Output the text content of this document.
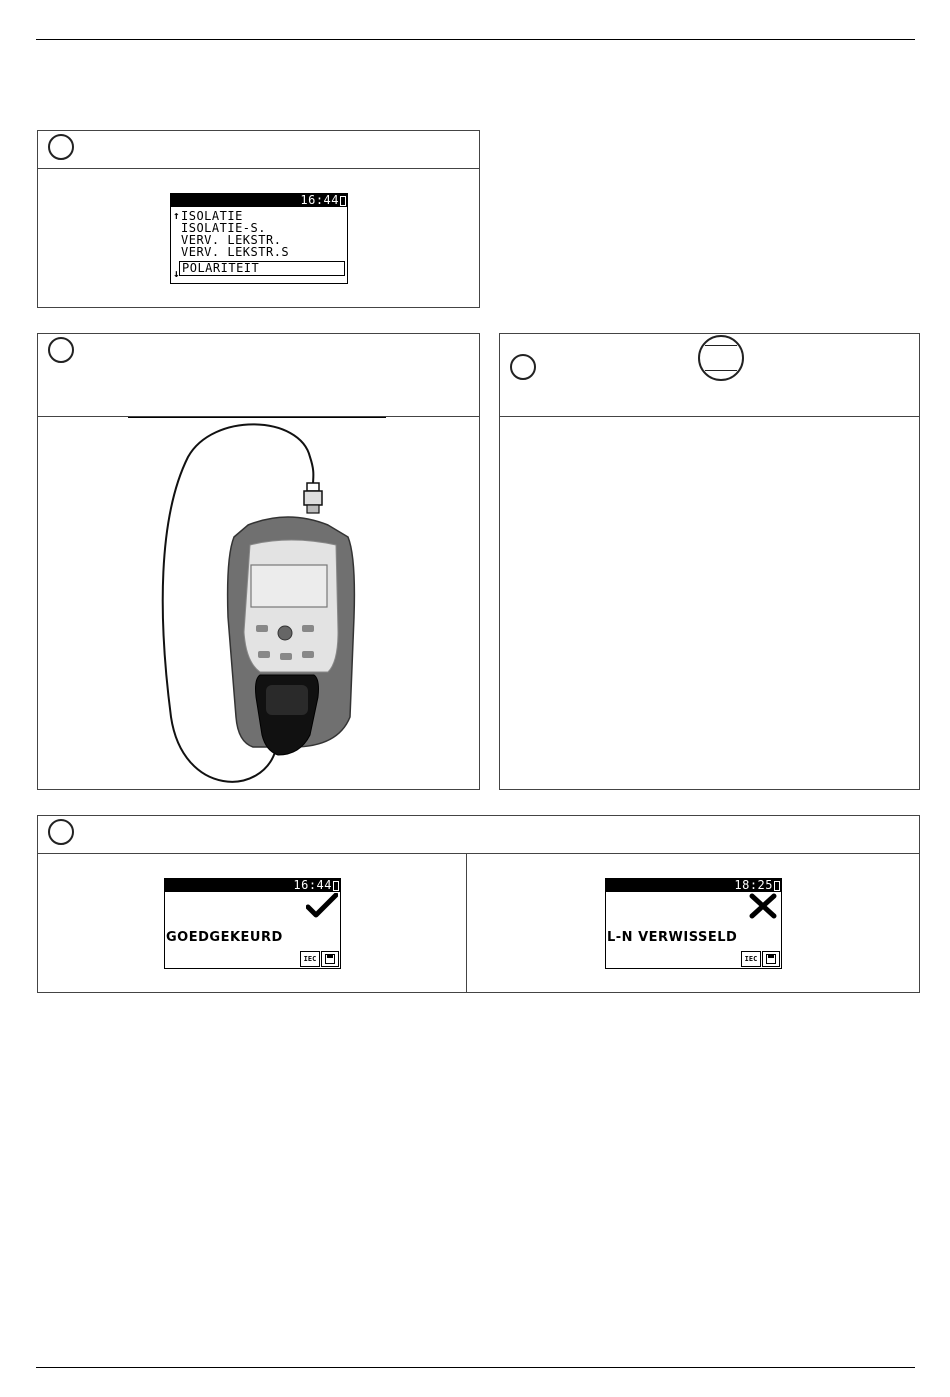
ENKELV. TEST

16:44

↑ ISOLATIE
ISOLATIE-S.
VERV. LEKSTR.
VERV. LEKSTR.S
POLARITEIT
↓

POLARITEIT

16:44

GOEDGEKEURD
IEC

POLARITEIT

18:25

L-N VERWISSELD
IEC
